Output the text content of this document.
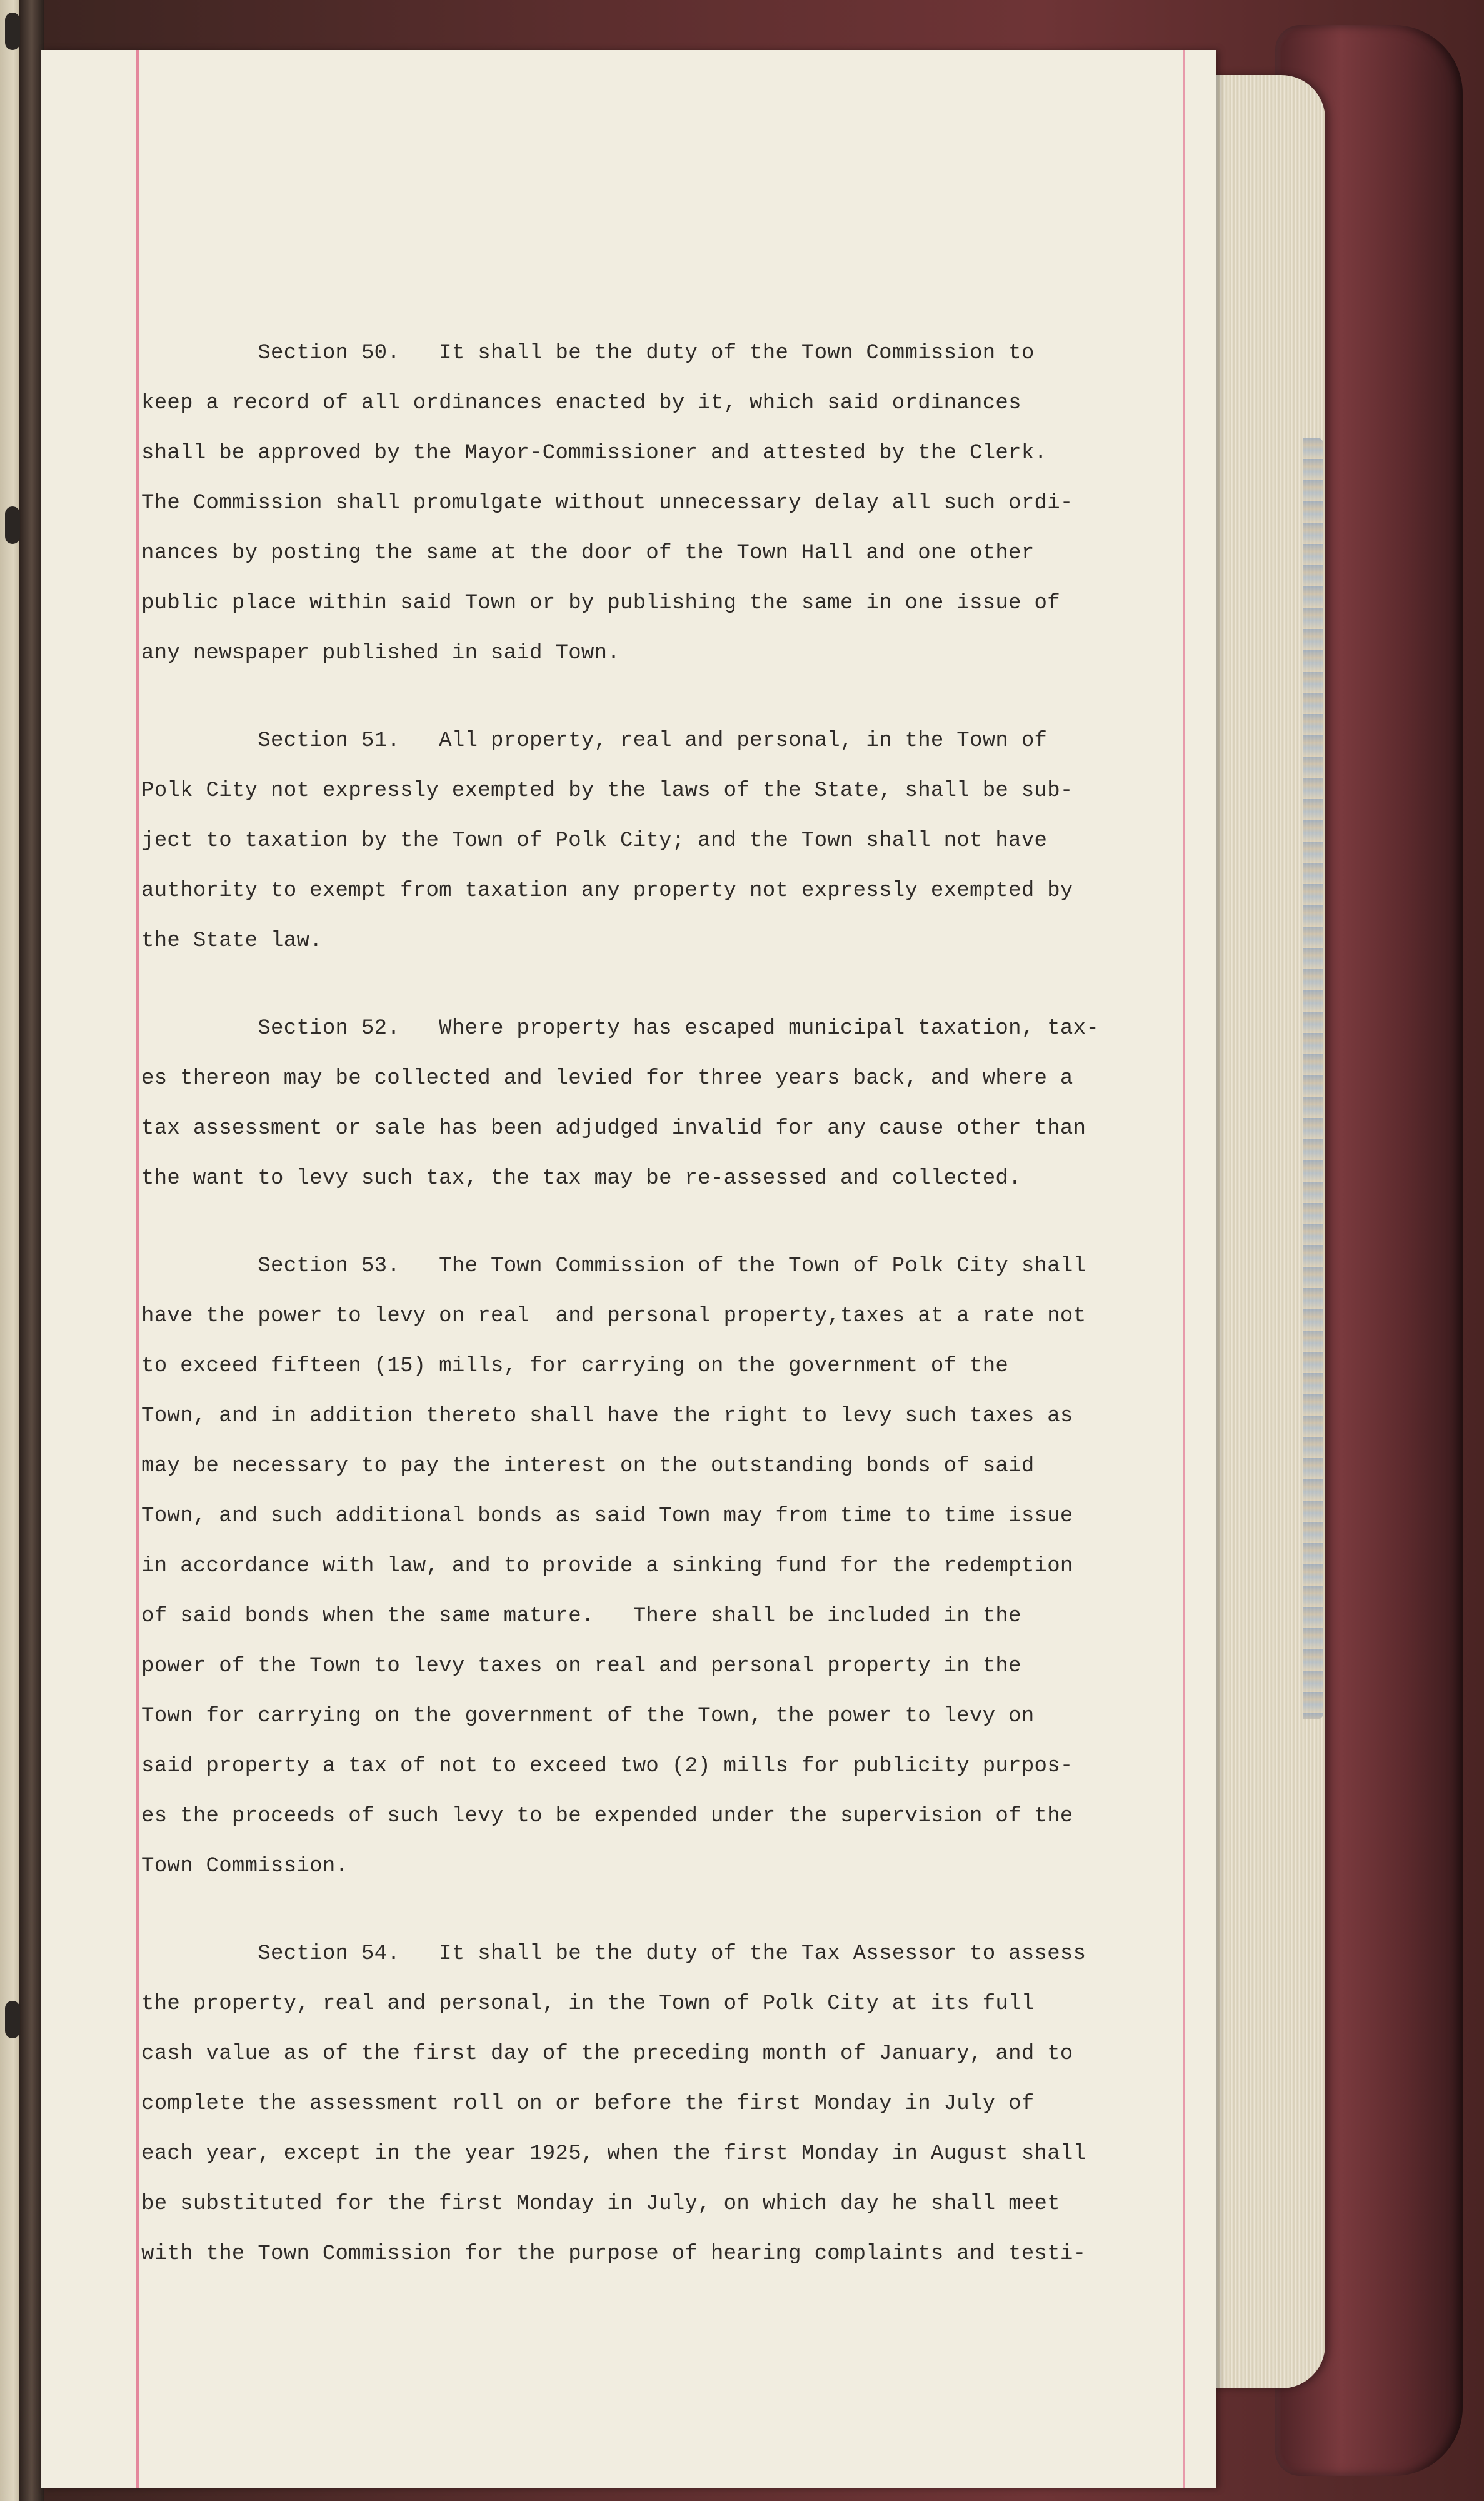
Section 50.   It shall be the duty of the Town Commission to
keep a record of all ordinances enacted by it, which said ordinances
shall be approved by the Mayor-Commissioner and attested by the Clerk.
The Commission shall promulgate without unnecessary delay all such ordi-
nances by posting the same at the door of the Town Hall and one other
public place within said Town or by publishing the same in one issue of
any newspaper published in said Town.
Section 51.   All property, real and personal, in the Town of
Polk City not expressly exempted by the laws of the State, shall be sub-
ject to taxation by the Town of Polk City; and the Town shall not have
authority to exempt from taxation any property not expressly exempted by
the State law.
Section 52.   Where property has escaped municipal taxation, tax-
es thereon may be collected and levied for three years back, and where a
tax assessment or sale has been adjudged invalid for any cause other than
the want to levy such tax, the tax may be re-assessed and collected.
Section 53.   The Town Commission of the Town of Polk City shall
have the power to levy on real  and personal property,taxes at a rate not
to exceed fifteen (15) mills, for carrying on the government of the
Town, and in addition thereto shall have the right to levy such taxes as
may be necessary to pay the interest on the outstanding bonds of said
Town, and such additional bonds as said Town may from time to time issue
in accordance with law, and to provide a sinking fund for the redemption
of said bonds when the same mature.   There shall be included in the
power of the Town to levy taxes on real and personal property in the
Town for carrying on the government of the Town, the power to levy on
said property a tax of not to exceed two (2) mills for publicity purpos-
es the proceeds of such levy to be expended under the supervision of the
Town Commission.
Section 54.   It shall be the duty of the Tax Assessor to assess
the property, real and personal, in the Town of Polk City at its full
cash value as of the first day of the preceding month of January, and to
complete the assessment roll on or before the first Monday in July of
each year, except in the year 1925, when the first Monday in August shall
be substituted for the first Monday in July, on which day he shall meet
with the Town Commission for the purpose of hearing complaints and testi-
